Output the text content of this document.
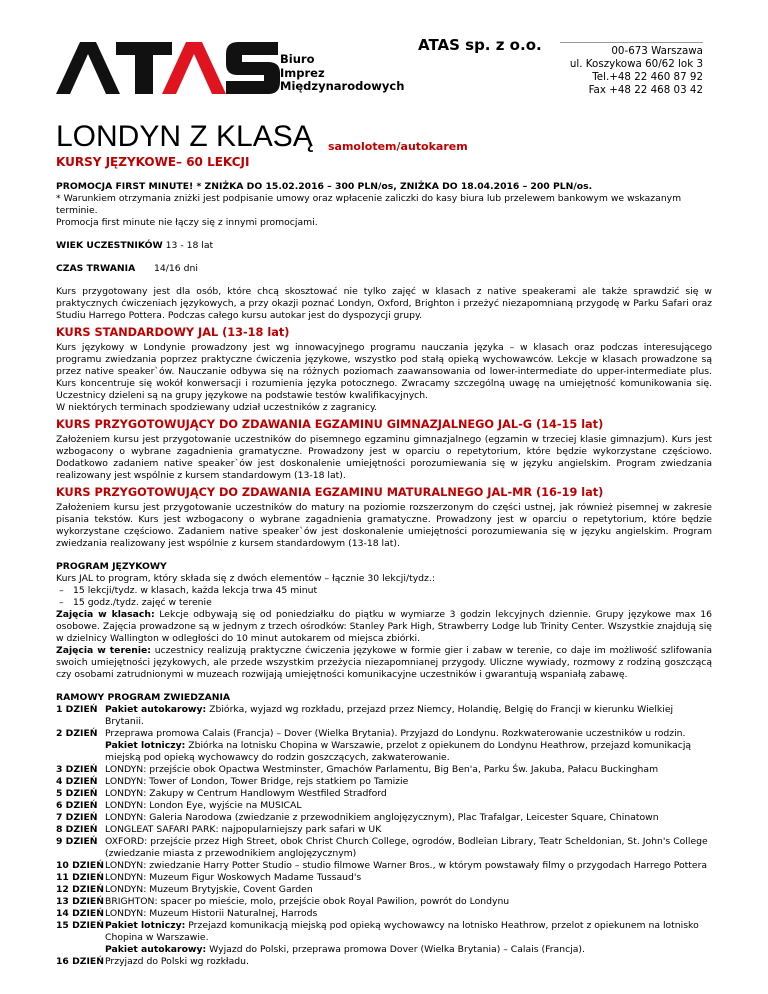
Biuro
Imprez
Międzynarodowych
ATAS sp. z o.o.	00-673 Warszawa
ul. Koszykowa 60/62 lok 3
Tel.+48 22 460 87 92
Fax +48 22 468 03 42
LONDYN Z KLASĄ samolotem/autokarem
KURSY JĘZYKOWE– 60 LEKCJI

PROMOCJA FIRST MINUTE! * ZNIŻKA DO 15.02.2016 – 300 PLN/os, ZNIŻKA DO 18.04.2016 – 200 PLN/os.

* Warunkiem otrzymania zniżki jest podpisanie umowy oraz wpłacenie zaliczki do kasy biura lub przelewem bankowym we wskazanym terminie.

Promocja first minute nie łączy się z innymi promocjami.

WIEK UCZESTNIKÓW 13 - 18 lat

CZAS TRWANIA 14/16 dni

Kurs przygotowany jest dla osób, które chcą skosztować nie tylko zajęć w klasach z native speakerami ale także sprawdzić się w praktycznych ćwiczeniach językowych, a przy okazji poznać Londyn, Oxford, Brighton i przeżyć niezapomnianą przygodę w Parku Safari oraz Studiu Harrego Pottera. Podczas całego kursu autokar jest do dyspozycji grupy.

KURS STANDARDOWY JAL (13-18 lat)

Kurs językowy w Londynie prowadzony jest wg innowacyjnego programu nauczania języka – w klasach oraz podczas interesującego programu zwiedzania poprzez praktyczne ćwiczenia językowe, wszystko pod stałą opieką wychowawców. Lekcje w klasach prowadzone są przez native speaker`ów. Nauczanie odbywa się na różnych poziomach zaawansowania od lower-intermediate do upper-intermediate plus. Kurs koncentruje się wokół konwersacji i rozumienia języka potocznego. Zwracamy szczególną uwagę na umiejętność komunikowania się. Uczestnicy dzieleni są na grupy językowe na podstawie testów kwalifikacyjnych.

W niektórych terminach spodziewany udział uczestników z zagranicy.

KURS PRZYGOTOWUJĄCY DO ZDAWANIA EGZAMINU GIMNAZJALNEGO JAL-G (14-15 lat)

Założeniem kursu jest przygotowanie uczestników do pisemnego egzaminu gimnazjalnego (egzamin w trzeciej klasie gimnazjum). Kurs jest wzbogacony o wybrane zagadnienia gramatyczne. Prowadzony jest w oparciu o repetytorium, które będzie wykorzystane częściowo. Dodatkowo zadaniem native speaker`ów jest doskonalenie umiejętności porozumiewania się w języku angielskim. Program zwiedzania realizowany jest wspólnie z kursem standardowym (13-18 lat).

KURS PRZYGOTOWUJĄCY DO ZDAWANIA EGZAMINU MATURALNEGO JAL-MR (16-19 lat)

Założeniem kursu jest przygotowanie uczestników do matury na poziomie rozszerzonym do części ustnej, jak również pisemnej w zakresie pisania tekstów. Kurs jest wzbogacony o wybrane zagadnienia gramatyczne. Prowadzony jest w oparciu o repetytorium, które będzie wykorzystane częściowo. Zadaniem native speaker`ów jest doskonalenie umiejętności porozumiewania się w języku angielskim. Program zwiedzania realizowany jest wspólnie z kursem standardowym (13-18 lat).

PROGRAM JĘZYKOWY

Kurs JAL to program, który składa się z dwóch elementów – łącznie 30 lekcji/tydz.:

– 15 lekcji/tydz. w klasach, każda lekcja trwa 45 minut
– 15 godz./tydz. zajęć w terenie

Zajęcia w klasach: Lekcje odbywają się od poniedziałku do piątku w wymiarze 3 godzin lekcyjnych dziennie. Grupy językowe max 16 osobowe. Zajęcia prowadzone są w jednym z trzech ośrodków: Stanley Park High, Strawberry Lodge lub Trinity Center. Wszystkie znajdują się w dzielnicy Wallington w odległości do 10 minut autokarem od miejsca zbiórki.

Zajęcia w terenie: uczestnicy realizują praktyczne ćwiczenia językowe w formie gier i zabaw w terenie, co daje im możliwość szlifowania swoich umiejętności językowych, ale przede wszystkim przeżycia niezapomnianej przygody. Uliczne wywiady, rozmowy z rodziną goszczącą czy osobami zatrudnionymi w muzeach rozwijają umiejętności komunikacyjne uczestników i gwarantują wspaniałą zabawę.

RAMOWY PROGRAM ZWIEDZANIA

1 DZIEŃ Pakiet autokarowy: Zbiórka, wyjazd wg rozkładu, przejazd przez Niemcy, Holandię, Belgię do Francji w kierunku Wielkiej Brytanii.
2 DZIEŃ Przeprawa promowa Calais (Francja) – Dover (Wielka Brytania). Przyjazd do Londynu. Rozkwaterowanie uczestników u rodzin.
Pakiet lotniczy: Zbiórka na lotnisku Chopina w Warszawie, przelot z opiekunem do Londynu Heathrow, przejazd komunikacją miejską pod opieką wychowawcy do rodzin goszczących, zakwaterowanie.
3 DZIEŃ LONDYN: przejście obok Opactwa Westminster, Gmachów Parlamentu, Big Ben'a, Parku Św. Jakuba, Pałacu Buckingham
4 DZIEŃ LONDYN: Tower of London, Tower Bridge, rejs statkiem po Tamizie
5 DZIEŃ LONDYN: Zakupy w Centrum Handlowym Westfiled Stradford
6 DZIEŃ LONDYN: London Eye, wyjście na MUSICAL
7 DZIEŃ LONDYN: Galeria Narodowa (zwiedzanie z przewodnikiem anglojęzycznym), Plac Trafalgar, Leicester Square, Chinatown
8 DZIEŃ LONGLEAT SAFARI PARK: najpopularniejszy park safari w UK
9 DZIEŃ OXFORD: przejście przez High Street, obok Christ Church College, ogrodów, Bodleian Library, Teatr Scheldonian, St. John's College (zwiedzanie miasta z przewodnikiem anglojęzycznym)
10 DZIEŃ LONDYN: zwiedzanie Harry Potter Studio – studio filmowe Warner Bros., w którym powstawały filmy o przygodach Harrego Pottera
11 DZIEŃ LONDYN: Muzeum Figur Woskowych Madame Tussaud's
12 DZIEŃ LONDYN: Muzeum Brytyjskie, Covent Garden
13 DZIEŃ BRIGHTON: spacer po mieście, molo, przejście obok Royal Pawilion, powrót do Londynu
14 DZIEŃ LONDYN: Muzeum Historii Naturalnej, Harrods
15 DZIEŃ Pakiet lotniczy: Przejazd komunikacją miejską pod opieką wychowawcy na lotnisko Heathrow, przelot z opiekunem na lotnisko Chopina w Warszawie.
Pakiet autokarowy: Wyjazd do Polski, przeprawa promowa Dover (Wielka Brytania) – Calais (Francja).
16 DZIEŃ Przyjazd do Polski wg rozkładu.
